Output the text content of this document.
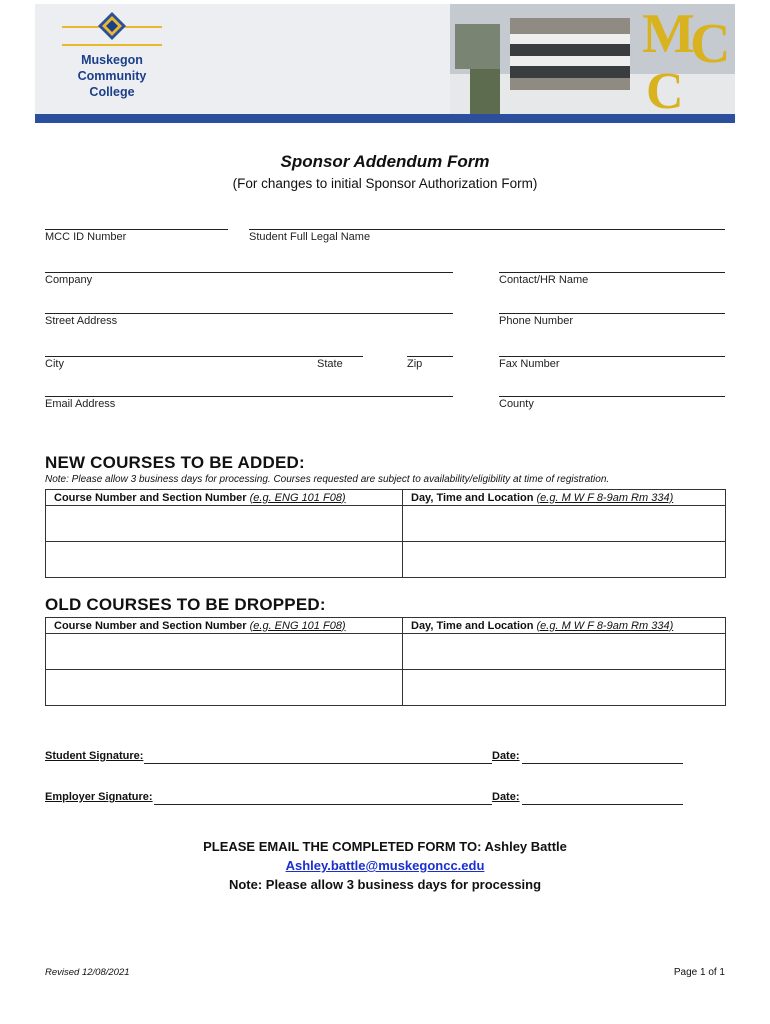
Muskegon
Community
College
M
C
C
Sponsor Addendum Form
(For changes to initial Sponsor Authorization Form)
MCC ID Number	Student Full Legal Name
Company	Contact/HR Name
Street Address	Phone Number
City	State	Zip	Fax Number
Email Address	County
NEW COURSES TO BE ADDED:
Note: Please allow 3 business days for processing. Courses requested are subject to availability/eligibility at time of registration.
Course Number and Section Number (e.g. ENG 101 F08)	Day, Time and Location (e.g. M W F 8-9am Rm 334)

OLD COURSES TO BE DROPPED:
Course Number and Section Number (e.g. ENG 101 F08)	Day, Time and Location (e.g. M W F 8-9am Rm 334)

Student Signature:	Date:
Employer Signature:	Date:
PLEASE EMAIL THE COMPLETED FORM TO: Ashley Battle
Ashley.battle@muskegoncc.edu
Note: Please allow 3 business days for processing
Revised 12/08/2021	Page 1 of 1
